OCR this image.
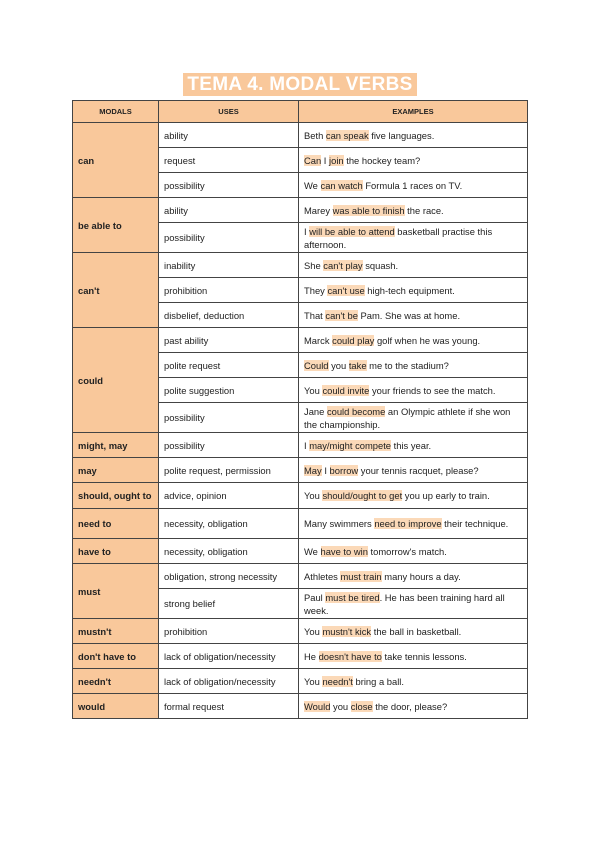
TEMA 4. MODAL VERBS
MODALS	USES	EXAMPLES
can	ability	Beth can speak five languages.
	request	Can I join the hockey team?
	possibility	We can watch Formula 1 races on TV.
be able to	ability	Marey was able to finish the race.
	possibility	I will be able to attend basketball practise this afternoon.
can't	inability	She can't play squash.
	prohibition	They can't use high-tech equipment.
	disbelief, deduction	That can't be Pam. She was at home.
could	past ability	Marck could play golf when he was young.
	polite request	Could you take me to the stadium?
	polite suggestion	You could invite your friends to see the match.
	possibility	Jane could become an Olympic athlete if she won the championship.
might, may	possibility	I may/might compete this year.
may	polite request, permission	May I borrow your tennis racquet, please?
should, ought to	advice, opinion	You should/ought to get you up early to train.
need to	necessity, obligation	Many swimmers need to improve their technique.
have to	necessity, obligation	We have to win tomorrow's match.
must	obligation, strong necessity	Athletes must train many hours a day.
	strong belief	Paul must be tired. He has been training hard all week.
mustn't	prohibition	You mustn't kick the ball in basketball.
don't have to	lack of obligation/necessity	He doesn't have to take tennis lessons.
needn't	lack of obligation/necessity	You needn't bring a ball.
would	formal request	Would you close the door, please?
